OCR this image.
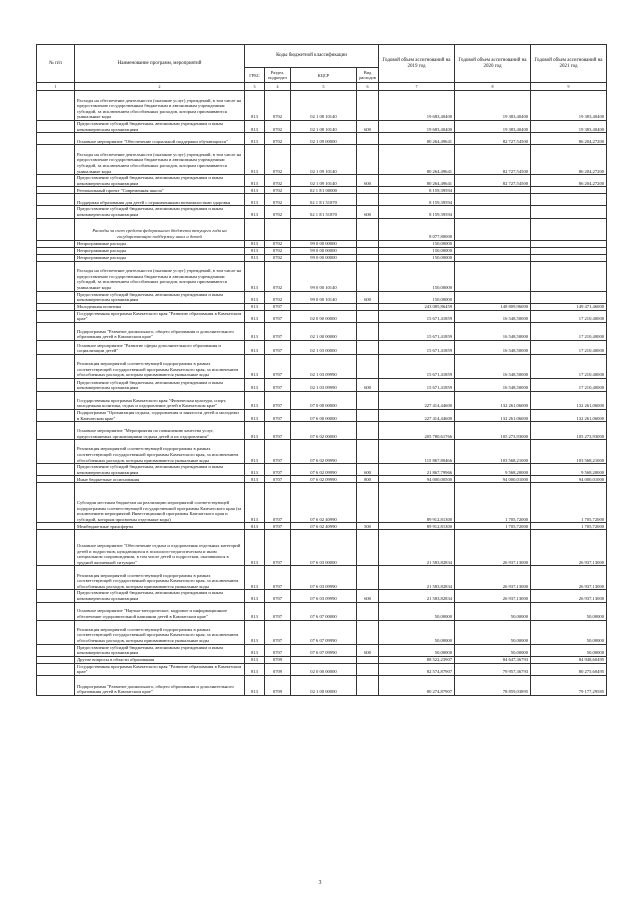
№ п/п	Наименование программ, мероприятий	Коды бюджетной классификации				Годовой объем ассигнований на 2019 год	Годовой объем ассигнований на 2020 год	Годовой объем ассигнований на 2021 год
		ГРБС	Раздел, подраздел	КЦСР	Вид расходов			
1	2	3	4	5	6	7	8	9
	Расходы на обеспечение деятельности (оказание услуг) учреждений, в том числе на предоставление государственным бюджетным и автономным учреждениям субсидий, за исключением обособленных расходов, которым присваиваются уникальные коды	813	0702	02 1 08 10140		19 683,40400	19 383,40400	19 383,40400
	Предоставление субсидий бюджетным, автономным учреждениям и иным некоммерческим организациям	813	0702	02 1 08 10140	600	19 683,40400	19 383,40400	19 383,40400
	Основное мероприятие "Обеспечение социальной поддержки обучающихся"	813	0702	02 1 09 00000		80 264,49641	82 727,54500	86 204,27200
	Расходы на обеспечение деятельности (оказание услуг) учреждений, в том числе на предоставление государственным бюджетным и автономным учреждениям субсидий, за исключением обособленных расходов, которым присваиваются уникальные коды	813	0702	02 1 09 10140		80 264,49641	82 727,54500	86 204,27200
	Предоставление субсидий бюджетным, автономным учреждениям и иным некоммерческим организациям	813	0702	02 1 09 10140	600	80 264,49641	82 727,54500	86 204,27200
	Региональный проект "Современная школа"	813	0702	02 1 Е1 00000		8 159,39594		
	Поддержка образования для детей с ограниченными возможностями здоровья	813	0702	02 1 Е1 51870		8 159,39594		
	Предоставление субсидий бюджетным, автономным учреждениям и иным некоммерческим организациям	813	0702	02 1 Е1 51870	600	8 159,39594		
	Расходы за счет средств федерального бюджета текущего года на государственную поддержку школ и детей					8 077,80000		
	Непрограммные расходы	813	0702	99 0 00 00000		150,00000		
	Непрограммные расходы	813	0702	99 0 00 00000		150,00000		
	Непрограммные расходы	813	0702	99 0 00 00000		150,00000		
	Расходы на обеспечение деятельности (оказание услуг) учреждений, в том числе на предоставление государственным бюджетным и автономным учреждениям субсидий, за исключением обособленных расходов, которым присваиваются уникальные коды	813	0702	99 0 00 10140		150,00000		
	Предоставление субсидий бюджетным, автономным учреждениям и иным некоммерческим организациям	813	0702	99 0 00 10140	600	150,00000		
	Молодежная политика	813	0707			243 085,86459	148 809,96000	149 471,46000
	Государственная программа Камчатского края "Развитие образования в Камчатском крае"	813	0707	02 0 00 00000		15 671,41859	16 548,50000	17 210,40000
	Подпрограмма "Развитие дошкольного, общего образования и дополнительного образования детей в Камчатском крае"	813	0707	02 1 00 00000		15 671,41859	16 548,50000	17 210,40000
	Основное мероприятие "Развитие сферы дополнительного образования и социализации детей"	813	0707	02 1 03 00000		15 671,41859	16 548,50000	17 210,40000
	Реализация мероприятий соответствующей подпрограммы в рамках соответствующей государственной программы Камчатского края, за исключением обособленных расходов, которым присваиваются уникальные коды	813	0707	02 1 03 09990		15 671,41859	16 548,50000	17 210,40000
	Предоставление субсидий бюджетным, автономным учреждениям и иным некоммерческим организациям	813	0707	02 1 03 09990	600	15 671,41859	16 548,50000	17 210,40000
	Государственная программа Камчатского края "Физическая культура, спорт, молодежная политика, отдых и оздоровление детей в Камчатском крае"	813	0707	07 0 00 00000		227 414,44600	132 261,06000	132 261,06000
	Подпрограмма "Организация отдыха, оздоровления и занятости детей и молодежи в Камчатском крае"	813	0707	07 6 00 00000		227 414,44600	132 261,06000	132 261,06000
	Основное мероприятие "Мероприятия по повышению качества услуг, предоставляемых организациями отдыха детей и их оздоровления"	813	0707	07 6 02 00000		205 780,61766	105 273,93000	105 273,93000
	Реализация мероприятий соответствующей подпрограммы в рамках соответствующей государственной программы Камчатского края, за исключением обособленных расходов, которым присваиваются уникальные коды	813	0707	07 6 02 09990		115 867,80466	103 568,21000	103 568,21000
	Предоставление субсидий бюджетным, автономным учреждениям и иным некоммерческим организациям	813	0707	07 6 02 09990	600	21 867,79966	9 568,20000	9 568,20000
	Иные бюджетные ассигнования	813	0707	07 6 02 09990	800	94 000,00500	94 000,01000	94 000,01000
	Субсидии местным бюджетам на реализацию мероприятий соответствующей подпрограммы соответствующей государственной программы Камчатского края (за исключением мероприятий Инвестиционной программы Камчатского края и субсидий, которым присвоены отдельные коды)	813	0707	07 6 02 40990		89 912,81300	1 705,72000	1 705,72000
	Межбюджетные трансферты	813	0707	07 6 02 40990	500	89 912,81300	1 705,72000	1 705,72000
	Основное мероприятие "Обеспечение отдыха и оздоровления отдельных категорий детей и подростков, нуждающихся в психолого-педагогическом и ином специальном сопровождении, в том числе детей и подростков, оказавшихся в трудной жизненной ситуации"	813	0707	07 6 03 00000		21 583,82834	26 937,13000	26 937,13000
	Реализация мероприятий соответствующей подпрограммы в рамках соответствующей государственной программы Камчатского края, за исключением обособленных расходов, которым присваиваются уникальные коды	813	0707	07 6 03 09990		21 583,82834	26 937,13000	26 937,13000
	Предоставление субсидий бюджетным, автономным учреждениям и иным некоммерческим организациям	813	0707	07 6 03 09990	600	21 583,82834	26 937,13000	26 937,13000
	Основное мероприятие "Научно-методическое, кадровое и информационное обеспечение оздоровительной кампании детей в Камчатском крае"	813	0707	07 6 07 00000		50,00000	50,00000	50,00000
	Реализация мероприятий соответствующей подпрограммы в рамках соответствующей государственной программы Камчатского края, за исключением обособленных расходов, которым присваиваются уникальные коды	813	0707	07 6 07 09990		50,00000	50,00000	50,00000
	Предоставление субсидий бюджетным, автономным учреждениям и иным некоммерческим организациям	813	0707	07 6 07 09990	600	50,00000	50,00000	50,00000
	Другие вопросы в области образования	813	0709			88 522,23907	84 647,36793	84 948,60495
	Государственная программа Камчатского края "Развитие образования в Камчатском крае"	813	0709	02 0 00 00000		82 574,87907	79 957,36793	80 275,60495
	Подпрограмма "Развитие дошкольного, общего образования и дополнительного образования детей в Камчатском крае"	813	0709	02 1 00 00000		80 274,87907	78 859,03895	79 177,29585
3
